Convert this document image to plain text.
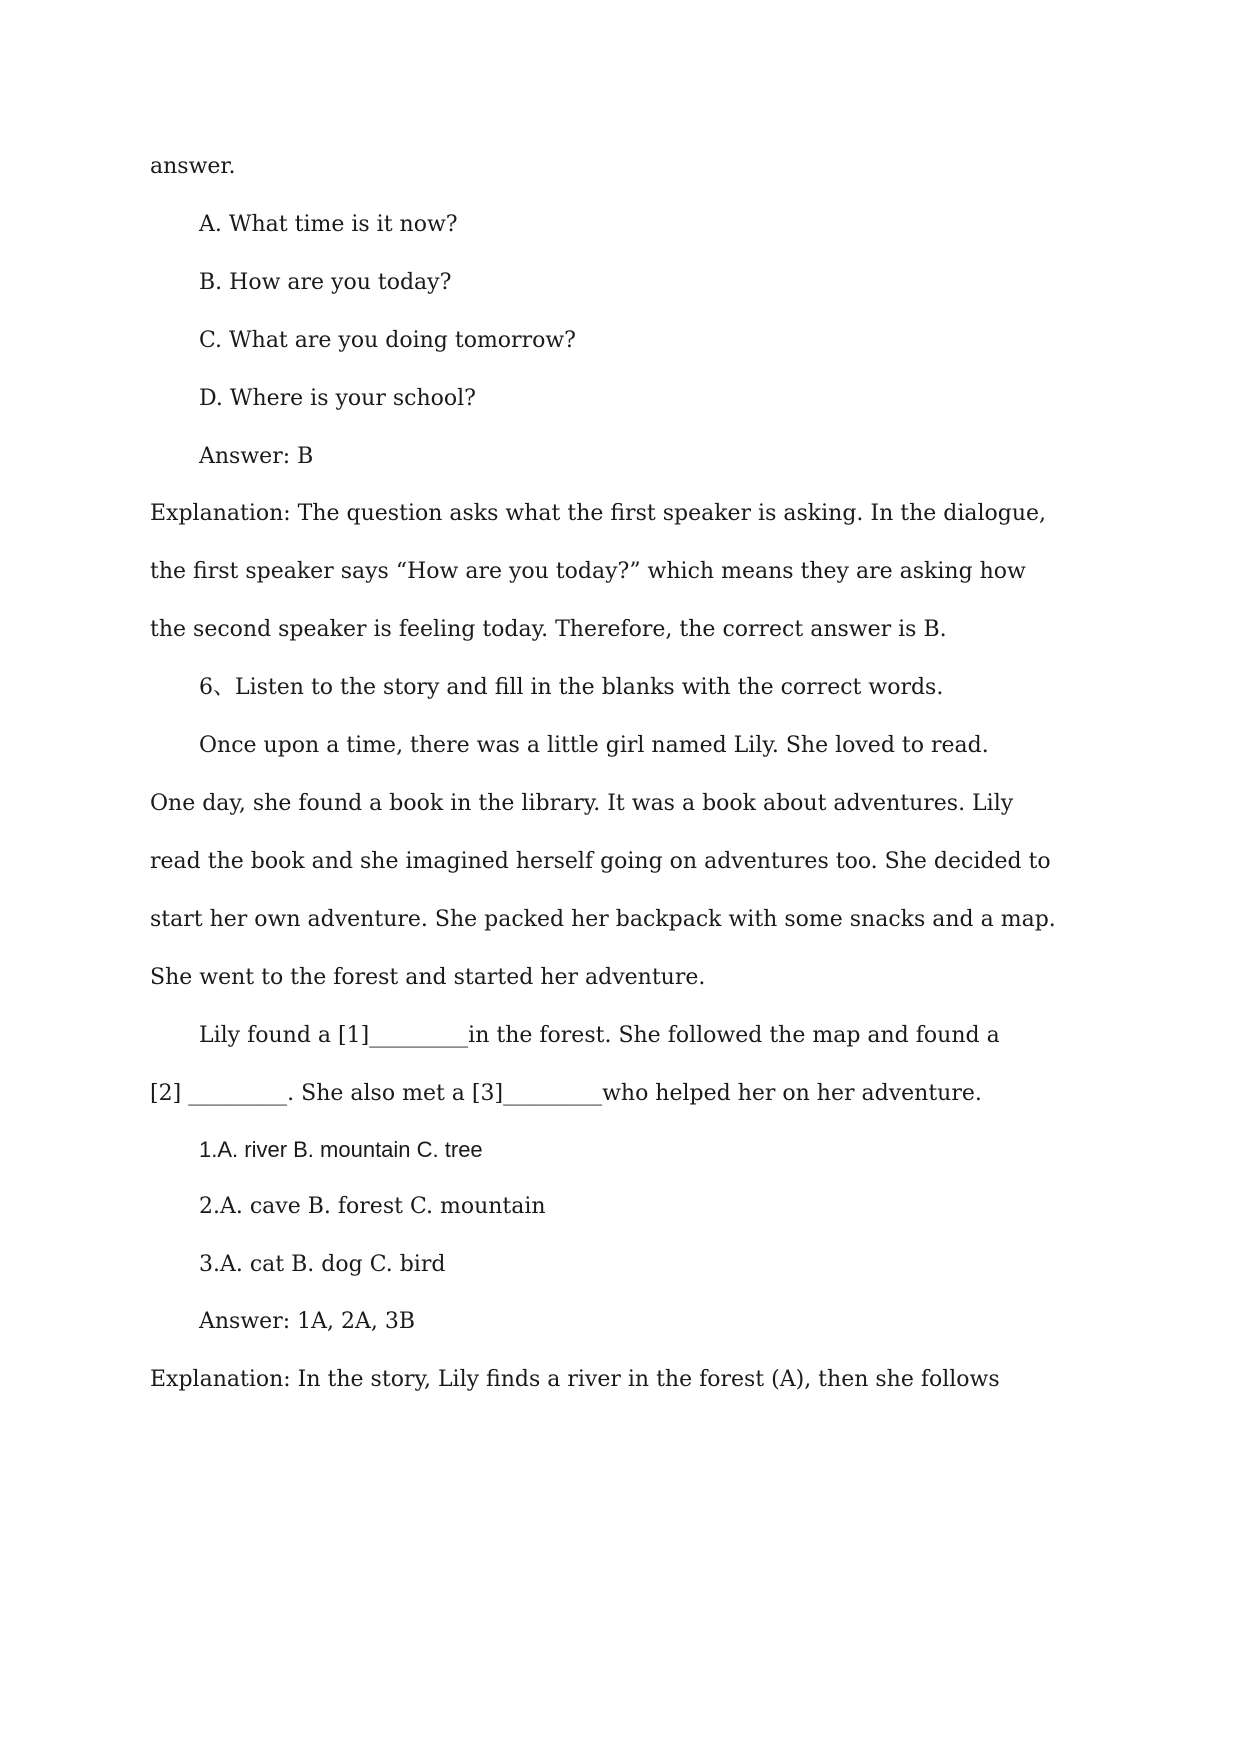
answer.

A. What time is it now?

B. How are you today?

C. What are you doing tomorrow?

D. Where is your school?

Answer: B

Explanation: The question asks what the first speaker is asking. In the dialogue,

the first speaker says “How are you today?” which means they are asking how

the second speaker is feeling today. Therefore, the correct answer is B.

6、Listen to the story and fill in the blanks with the correct words.

Once upon a time, there was a little girl named Lily. She loved to read.

One day, she found a book in the library. It was a book about adventures. Lily

read the book and she imagined herself going on adventures too. She decided to

start her own adventure. She packed her backpack with some snacks and a map.

She went to the forest and started her adventure.

Lily found a [1]_________in the forest. She followed the map and found a

[2] _________. She also met a [3]_________who helped her on her adventure.

1.A. river B. mountain C. tree

2.A. cave B. forest C. mountain

3.A. cat B. dog C. bird

Answer: 1A, 2A, 3B

Explanation: In the story, Lily finds a river in the forest (A), then she follows
